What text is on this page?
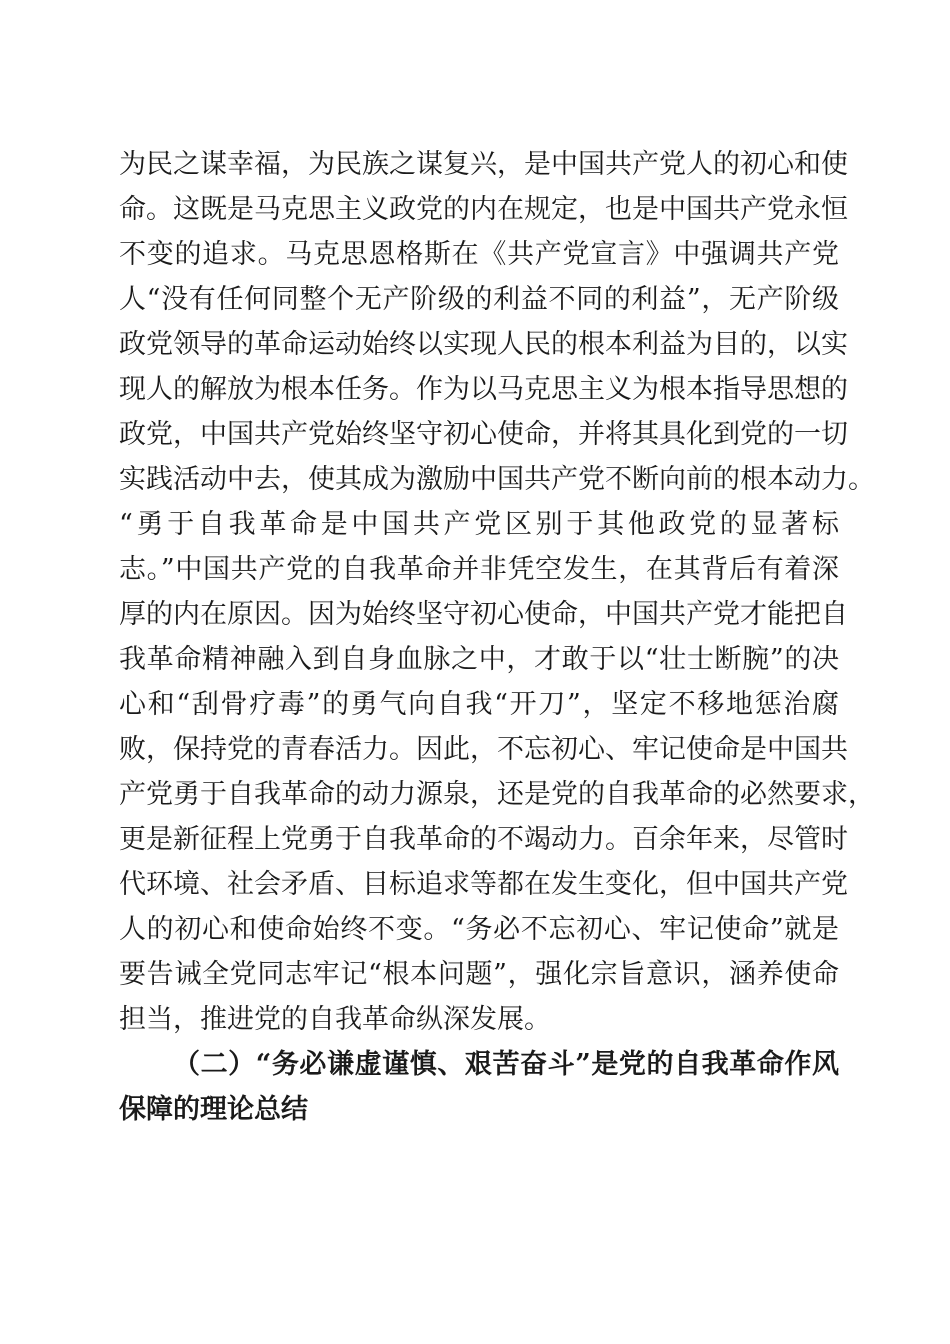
为民之谋幸福，为民族之谋复兴，是中国共产党人的初心和使
命。这既是马克思主义政党的内在规定，也是中国共产党永恒
不变的追求。马克思恩格斯在《共产党宣言》中强调共产党
人“没有任何同整个无产阶级的利益不同的利益”，无产阶级
政党领导的革命运动始终以实现人民的根本利益为目的，以实
现人的解放为根本任务。作为以马克思主义为根本指导思想的
政党，中国共产党始终坚守初心使命，并将其具化到党的一切
实践活动中去，使其成为激励中国共产党不断向前的根本动力。
“勇于自我革命是中国共产党区别于其他政党的显著标
志。”中国共产党的自我革命并非凭空发生，在其背后有着深
厚的内在原因。因为始终坚守初心使命，中国共产党才能把自
我革命精神融入到自身血脉之中，才敢于以“壮士断腕”的决
心和“刮骨疗毒”的勇气向自我“开刀”，坚定不移地惩治腐
败，保持党的青春活力。因此，不忘初心、牢记使命是中国共
产党勇于自我革命的动力源泉，还是党的自我革命的必然要求，
更是新征程上党勇于自我革命的不竭动力。百余年来，尽管时
代环境、社会矛盾、目标追求等都在发生变化，但中国共产党
人的初心和使命始终不变。“务必不忘初心、牢记使命”就是
要告诫全党同志牢记“根本问题”，强化宗旨意识，涵养使命
担当，推进党的自我革命纵深发展。
（二）“务必谦虚谨慎、艰苦奋斗”是党的自我革命作风
保障的理论总结
